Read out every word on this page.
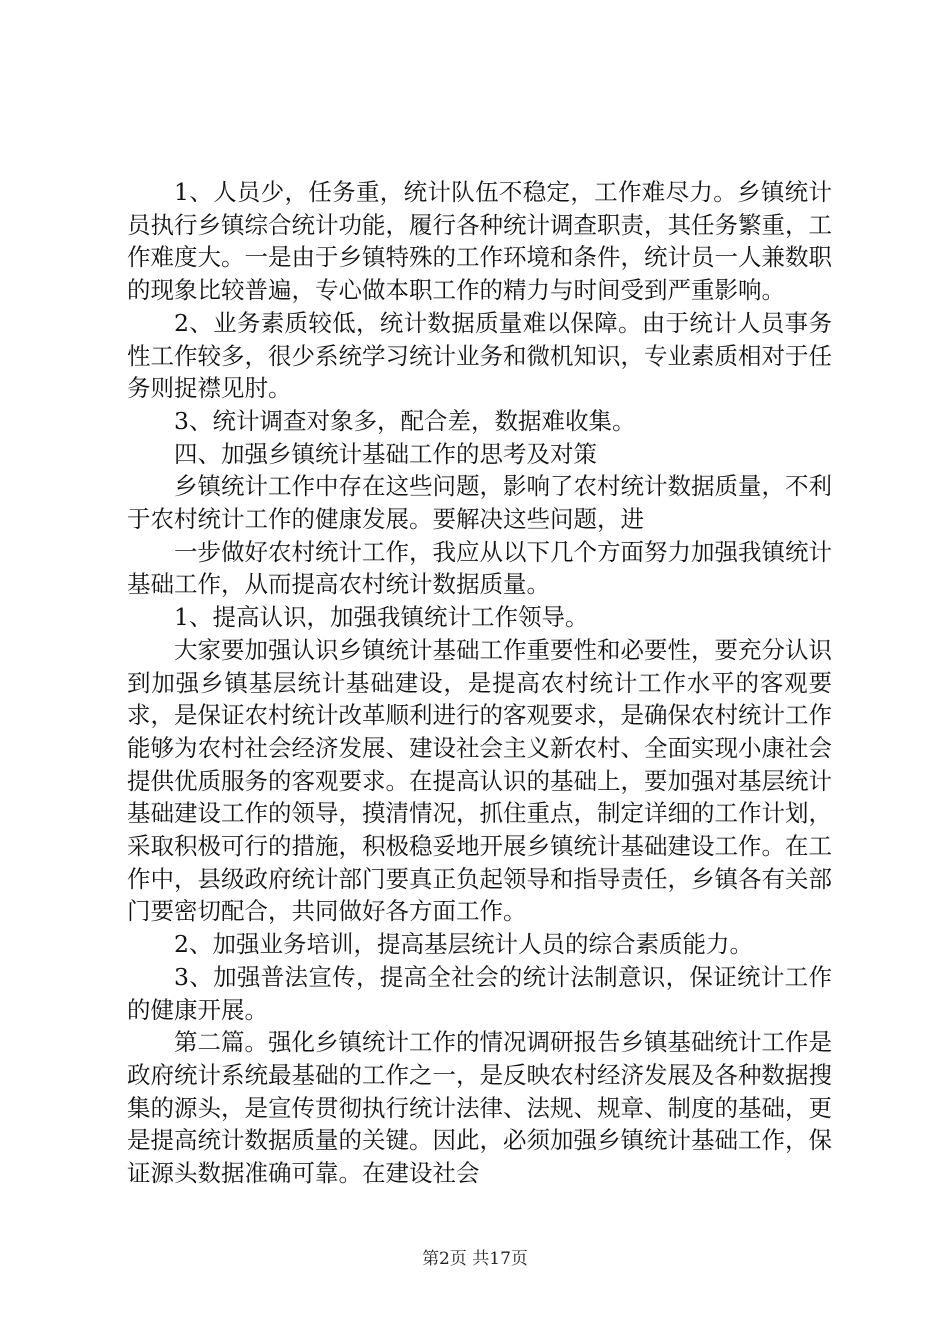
1、人员少，任务重，统计队伍不稳定，工作难尽力。乡镇统计员执行乡镇综合统计功能，履行各种统计调查职责，其任务繁重，工作难度大。一是由于乡镇特殊的工作环境和条件，统计员一人兼数职的现象比较普遍，专心做本职工作的精力与时间受到严重影响。

2、业务素质较低，统计数据质量难以保障。由于统计人员事务性工作较多，很少系统学习统计业务和微机知识，专业素质相对于任务则捉襟见肘。

3、统计调查对象多，配合差，数据难收集。

四、加强乡镇统计基础工作的思考及对策

乡镇统计工作中存在这些问题，影响了农村统计数据质量，不利于农村统计工作的健康发展。要解决这些问题，进

一步做好农村统计工作，我应从以下几个方面努力加强我镇统计基础工作，从而提高农村统计数据质量。

1、提高认识，加强我镇统计工作领导。

大家要加强认识乡镇统计基础工作重要性和必要性，要充分认识到加强乡镇基层统计基础建设，是提高农村统计工作水平的客观要求，是保证农村统计改革顺利进行的客观要求，是确保农村统计工作能够为农村社会经济发展、建设社会主义新农村、全面实现小康社会提供优质服务的客观要求。在提高认识的基础上，要加强对基层统计基础建设工作的领导，摸清情况，抓住重点，制定详细的工作计划，采取积极可行的措施，积极稳妥地开展乡镇统计基础建设工作。在工作中，县级政府统计部门要真正负起领导和指导责任，乡镇各有关部门要密切配合，共同做好各方面工作。

2、加强业务培训，提高基层统计人员的综合素质能力。

3、加强普法宣传，提高全社会的统计法制意识，保证统计工作的健康开展。

第二篇。强化乡镇统计工作的情况调研报告乡镇基础统计工作是政府统计系统最基础的工作之一，是反映农村经济发展及各种数据搜集的源头，是宣传贯彻执行统计法律、法规、规章、制度的基础，更是提高统计数据质量的关键。因此，必须加强乡镇统计基础工作，保证源头数据准确可靠。在建设社会

第2页 共17页
